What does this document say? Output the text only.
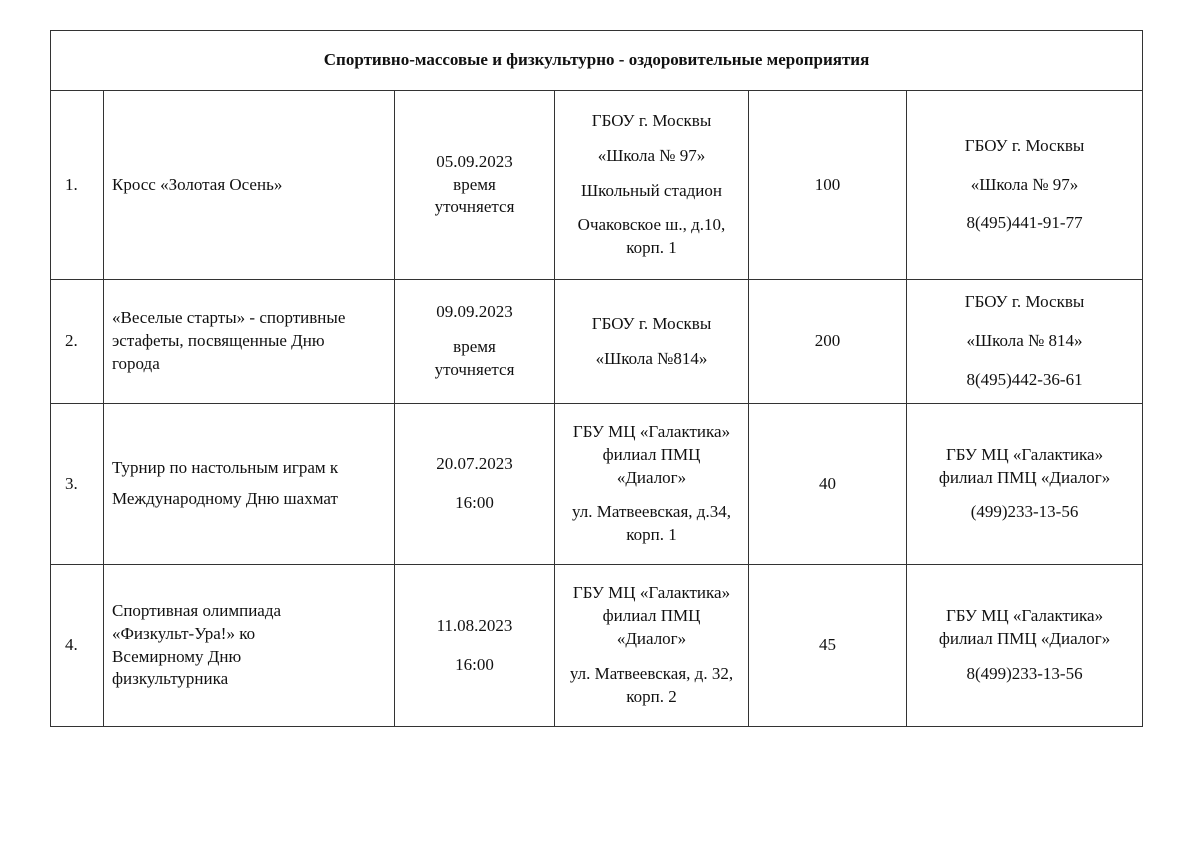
Спортивно-массовые и физкультурно - оздоровительные мероприятия					
1.	Кросс «Золотая Осень»	05.09.2023
время
уточняется	ГБОУ г. Москвы
«Школа № 97»
Школьный стадион
Очаковское ш., д.10,
корп. 1	100	ГБОУ г. Москвы
«Школа № 97»
8(495)441-91-77

2.	«Веселые старты» - спортивные
эстафеты, посвященные Дню
города	09.09.2023
время
уточняется	ГБОУ г. Москвы
«Школа №814»	200	ГБОУ г. Москвы
«Школа № 814»
8(495)442-36-61

3.	Турнир по настольным играм к
Международному Дню шахмат	20.07.2023
16:00	ГБУ МЦ «Галактика»
филиал ПМЦ
«Диалог»
ул. Матвеевская, д.34,
корп. 1	40	ГБУ МЦ «Галактика»
филиал ПМЦ «Диалог»
(499)233-13-56

4.	Спортивная олимпиада
«Физкульт-Ура!» ко
Всемирному Дню
физкультурника	11.08.2023
16:00	ГБУ МЦ «Галактика»
филиал ПМЦ
«Диалог»
ул. Матвеевская, д. 32,
корп. 2	45	ГБУ МЦ «Галактика»
филиал ПМЦ «Диалог»
8(499)233-13-56
